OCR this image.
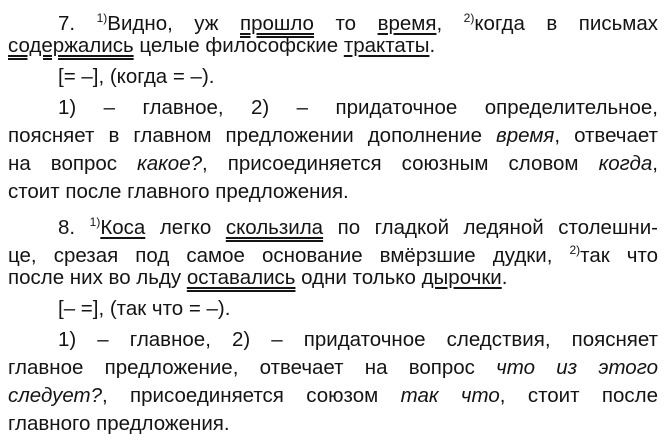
7. $^{1)}$Видно, уж прошло то время, $^{2)}$когда в письмах
содержались целые философские трактаты.
[= –], (когда = –).
1) – главное, 2) – придаточное определительное,
поясняет в главном предложении дополнение время, отвечает
на вопрос какое?, присоединяется союзным словом когда,
стоит после главного предложения.
8. $^{1)}$Коса легко скользила по гладкой ледяной столешни-
це, срезая под самое основание вмёрзшие дудки, $^{2)}$так что
после них во льду оставались одни только дырочки.
[– =], (так что = –).
1) – главное, 2) – придаточное следствия, поясняет
главное предложение, отвечает на вопрос что из этого
следует?, присоединяется союзом так что, стоит после
главного предложения.
